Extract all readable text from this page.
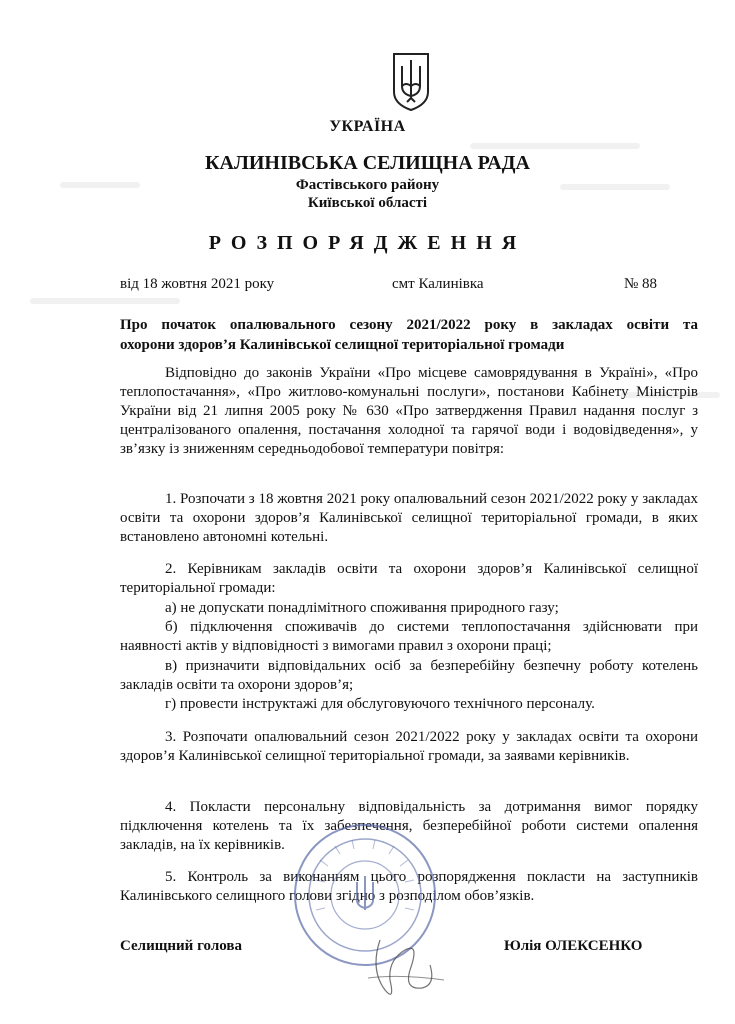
УКРАЇНА
КАЛИНІВСЬКА СЕЛИЩНА РАДА
Фастівського району
Київської області
РОЗПОРЯДЖЕННЯ
від 18 жовтня 2021 року	смт Калинівка	№ 88
Про початок опалювального сезону 2021/2022 року в закладах освіти та
охорони здоров’я Калинівської селищної територіальної громади
Відповідно до законів України «Про місцеве самоврядування в Україні», «Про теплопостачання», «Про житлово-комунальні послуги», постанови Кабінету Міністрів України від 21 липня 2005 року № 630 «Про затвердження Правил надання послуг з централізованого опалення, постачання холодної та гарячої води і водовідведення», у зв’язку із зниженням середньодобової температури повітря:
1. Розпочати з 18 жовтня 2021 року опалювальний сезон 2021/2022 року у закладах освіти та охорони здоров’я Калинівської селищної територіальної громади, в яких встановлено автономні котельні.
2. Керівникам закладів освіти та охорони здоров’я Калинівської селищної територіальної громади:
а) не допускати понадлімітного споживання природного газу;
б) підключення споживачів до системи теплопостачання здійснювати при наявності актів у відповідності з вимогами правил з охорони праці;
в) призначити відповідальних осіб за безперебійну безпечну роботу котелень закладів освіти та охорони здоров’я;
г) провести інструктажі для обслуговуючого технічного персоналу.
3. Розпочати опалювальний сезон 2021/2022 року у закладах освіти та охорони здоров’я Калинівської селищної територіальної громади, за заявами керівників.
4. Покласти персональну відповідальність за дотримання вимог порядку підключення котелень та їх забезпечення, безперебійної роботи системи опалення закладів, на їх керівників.
5. Контроль за виконанням цього розпорядження покласти на заступників Калинівського селищного голови згідно з розподілом обов’язків.
Селищний голова	Юлія ОЛЕКСЕНКО
